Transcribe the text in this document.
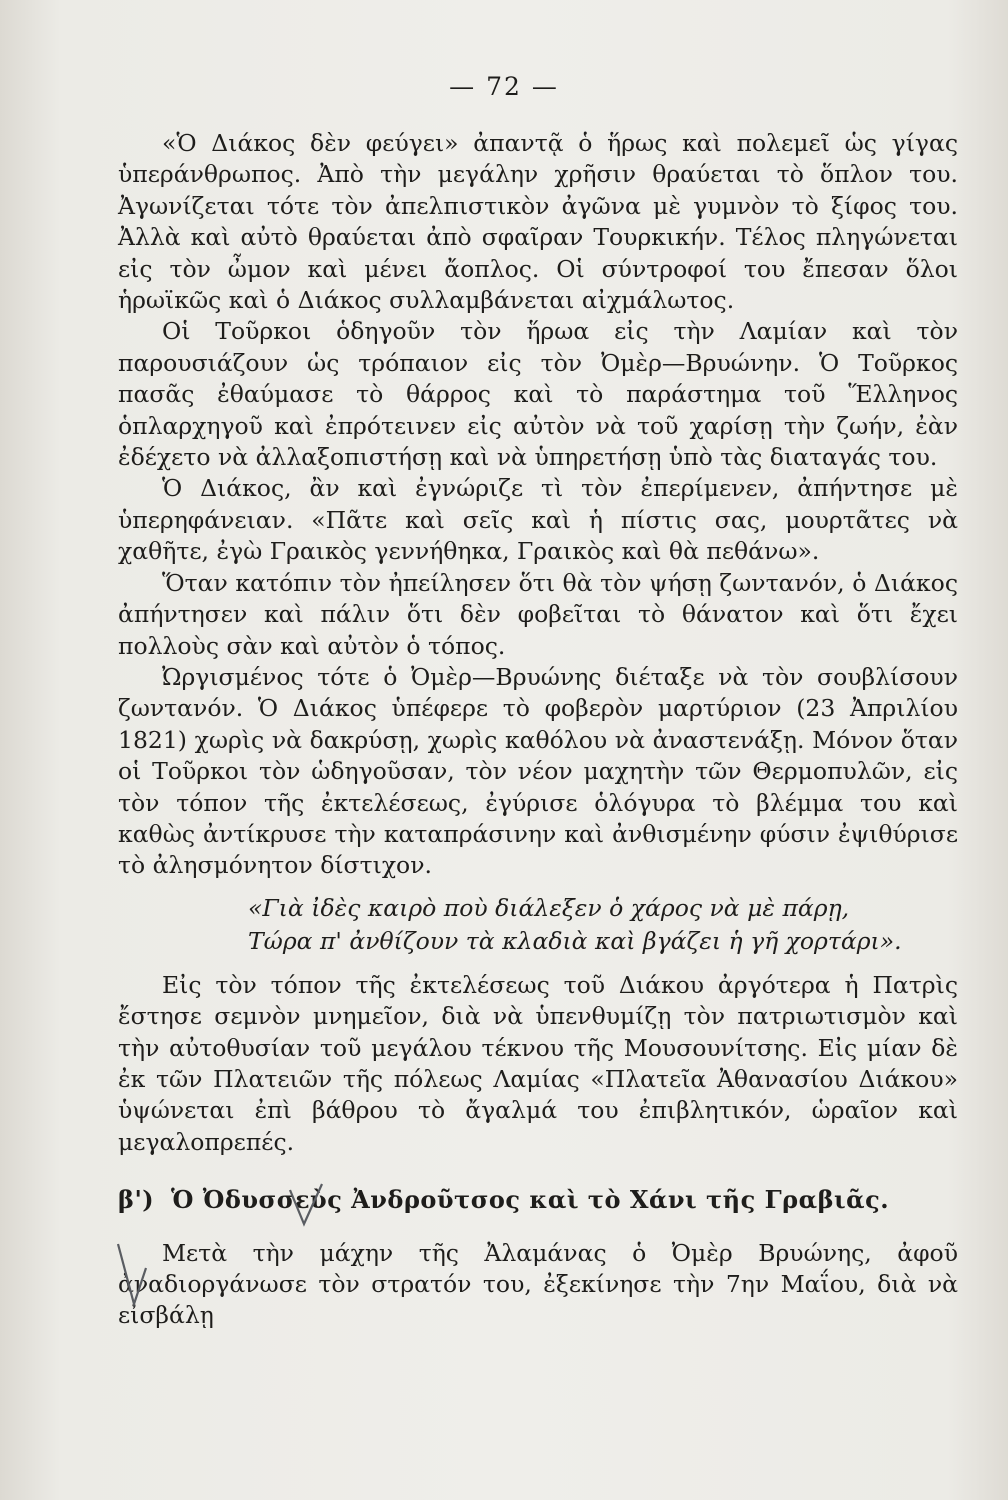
— 72 —

«Ὁ Διάκος δὲν φεύγει» ἀπαντᾷ ὁ ἥρως καὶ πολεμεῖ ὡς γίγας ὑπεράνθρωπος. Ἀπὸ τὴν μεγάλην χρῆσιν θραύεται τὸ ὅπλον του. Ἀγωνίζεται τότε τὸν ἀπελπιστικὸν ἀγῶνα μὲ γυμνὸν τὸ ξίφος του. Ἀλλὰ καὶ αὐτὸ θραύεται ἀπὸ σφαῖραν Τουρκικήν. Τέλος πληγώνεται εἰς τὸν ὦμον καὶ μένει ἄοπλος. Οἱ σύντροφοί του ἔπεσαν ὅλοι ἡρωϊκῶς καὶ ὁ Διάκος συλλαμβάνεται αἰχμάλωτος.

Οἱ Τοῦρκοι ὁδηγοῦν τὸν ἥρωα εἰς τὴν Λαμίαν καὶ τὸν παρουσιάζουν ὡς τρόπαιον εἰς τὸν Ὀμὲρ—Βρυώνην. Ὁ Τοῦρκος πασᾶς ἐθαύμασε τὸ θάρρος καὶ τὸ παράστημα τοῦ Ἕλληνος ὁπλαρχηγοῦ καὶ ἐπρότεινεν εἰς αὐτὸν νὰ τοῦ χαρίσῃ τὴν ζωήν, ἐὰν ἐδέχετο νὰ ἀλλαξοπιστήσῃ καὶ νὰ ὑπηρετήσῃ ὑπὸ τὰς διαταγάς του.

Ὁ Διάκος, ἂν καὶ ἐγνώριζε τὶ τὸν ἐπερίμενεν, ἀπήντησε μὲ ὑπερηφάνειαν. «Πᾶτε καὶ σεῖς καὶ ἡ πίστις σας, μουρτᾶτες νὰ χαθῆτε, ἐγὼ Γραικὸς γεννήθηκα, Γραικὸς καὶ θὰ πεθάνω».

Ὅταν κατόπιν τὸν ἠπείλησεν ὅτι θὰ τὸν ψήσῃ ζωντανόν, ὁ Διάκος ἀπήντησεν καὶ πάλιν ὅτι δὲν φοβεῖται τὸ θάνατον καὶ ὅτι ἔχει πολλοὺς σὰν καὶ αὐτὸν ὁ τόπος.

Ὠργισμένος τότε ὁ Ὀμὲρ—Βρυώνης διέταξε νὰ τὸν σουβλίσουν ζωντανόν. Ὁ Διάκος ὑπέφερε τὸ φοβερὸν μαρτύριον (23 Ἀπριλίου 1821) χωρὶς νὰ δακρύσῃ, χωρὶς καθόλου νὰ ἀναστενάξῃ. Μόνον ὅταν οἱ Τοῦρκοι τὸν ὡδηγοῦσαν, τὸν νέον μαχητὴν τῶν Θερμοπυλῶν, εἰς τὸν τόπον τῆς ἐκτελέσεως, ἐγύρισε ὁλόγυρα τὸ βλέμμα του καὶ καθὼς ἀντίκρυσε τὴν καταπράσινην καὶ ἀνθισμένην φύσιν ἐψιθύρισε τὸ ἀλησμόνητον δίστιχον.

«Γιὰ ἰδὲς καιρὸ ποὺ διάλεξεν ὁ χάρος νὰ μὲ πάρῃ,
Τώρα π' ἀνθίζουν τὰ κλαδιὰ καὶ βγάζει ἡ γῆ χορτάρι».

Εἰς τὸν τόπον τῆς ἐκτελέσεως τοῦ Διάκου ἀργότερα ἡ Πατρὶς ἔστησε σεμνὸν μνημεῖον, διὰ νὰ ὑπενθυμίζῃ τὸν πατριωτισμὸν καὶ τὴν αὐτοθυσίαν τοῦ μεγάλου τέκνου τῆς Μουσουνίτσης. Εἰς μίαν δὲ ἐκ τῶν Πλατειῶν τῆς πόλεως Λαμίας «Πλατεῖα Ἀθανασίου Διάκου» ὑψώνεται ἐπὶ βάθρου τὸ ἄγαλμά του ἐπιβλητικόν, ὡραῖον καὶ μεγαλοπρεπές.

β') Ὁ Ὀδυσσεὺς Ἀνδροῦτσος καὶ τὸ Χάνι τῆς Γραβιᾶς.

Μετὰ τὴν μάχην τῆς Ἀλαμάνας ὁ Ὀμὲρ Βρυώνης, ἀφοῦ ἀναδιοργάνωσε τὸν στρατόν του, ἐξεκίνησε τὴν 7ην Μαΐου, διὰ νὰ εἰσβάλῃ
